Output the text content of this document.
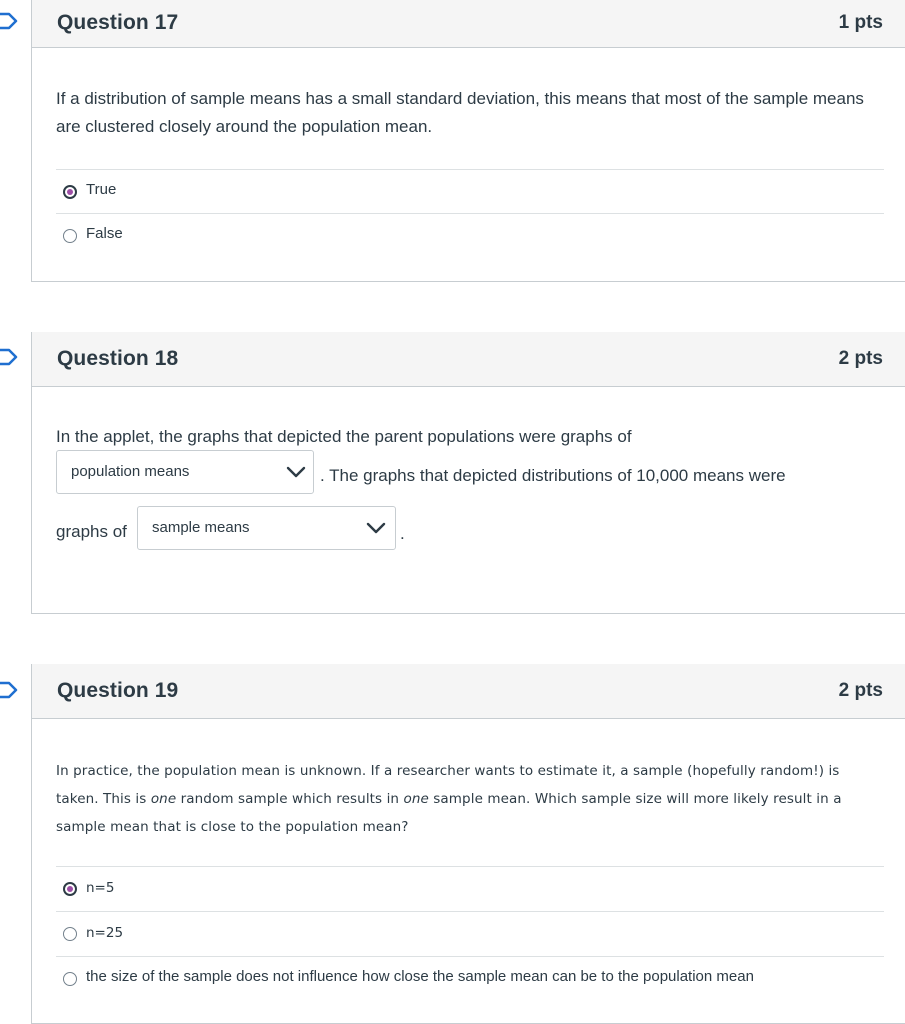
Question 17	1 pts
If a distribution of sample means has a small standard deviation, this means that most of the sample means are clustered closely around the population mean.
True
False
Question 18	2 pts
In the applet, the graphs that depicted the parent populations were graphs of
population means	. The graphs that depicted distributions of 10,000 means were
graphs of sample means	.
Question 19	2 pts
In practice, the population mean is unknown. If a researcher wants to estimate it, a sample (hopefully random!) is
taken. This is one random sample which results in one sample mean. Which sample size will more likely result in a
sample mean that is close to the population mean?
n=5
n=25
the size of the sample does not influence how close the sample mean can be to the population mean
